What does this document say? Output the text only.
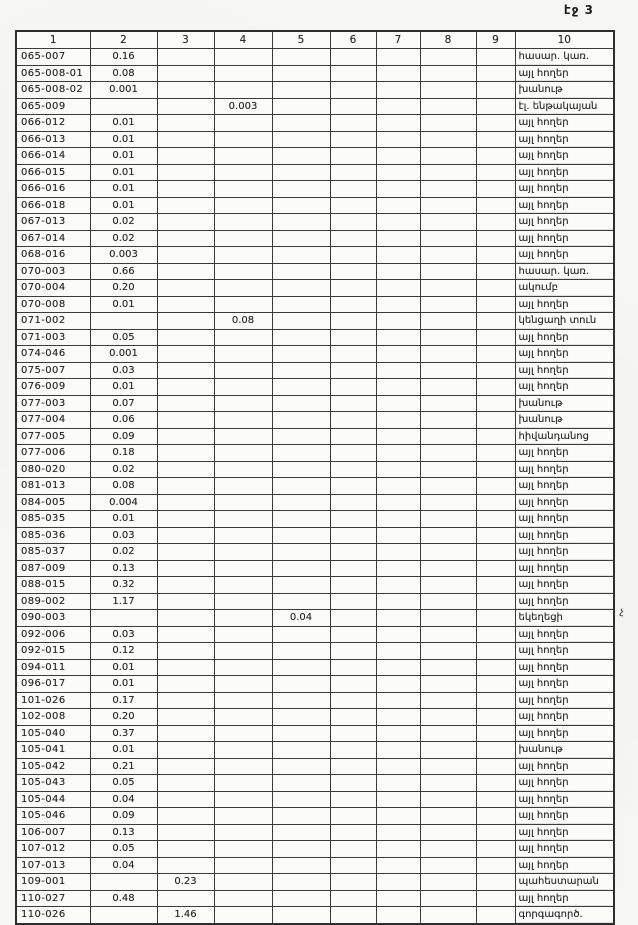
էջ 3
1	2	3	4	5	6	7	8	9	10
065-007	0.16								հասար. կառ.
065-008-01	0.08								այլ հողեր
065-008-02	0.001								խանութ
065-009			0.003						էլ. ենթակայան
066-012	0.01								այլ հողեր
066-013	0.01								այլ հողեր
066-014	0.01								այլ հողեր
066-015	0.01								այլ հողեր
066-016	0.01								այլ հողեր
066-018	0.01								այլ հողեր
067-013	0.02								այլ հողեր
067-014	0.02								այլ հողեր
068-016	0.003								այլ հողեր
070-003	0.66								հասար. կառ.
070-004	0.20								ակումբ
070-008	0.01								այլ հողեր
071-002			0.08						կենցաղի տուն
071-003	0.05								այլ հողեր
074-046	0.001								այլ հողեր
075-007	0.03								այլ հողեր
076-009	0.01								այլ հողեր
077-003	0.07								խանութ
077-004	0.06								խանութ
077-005	0.09								հիվանդանոց
077-006	0.18								այլ հողեր
080-020	0.02								այլ հողեր
081-013	0.08								այլ հողեր
084-005	0.004								այլ հողեր
085-035	0.01								այլ հողեր
085-036	0.03								այլ հողեր
085-037	0.02								այլ հողեր
087-009	0.13								այլ հողեր
088-015	0.32								այլ հողեր
089-002	1.17								այլ հողեր
090-003				0.04					եկեղեցի
092-006	0.03								այլ հողեր
092-015	0.12								այլ հողեր
094-011	0.01								այլ հողեր
096-017	0.01								այլ հողեր
101-026	0.17								այլ հողեր
102-008	0.20								այլ հողեր
105-040	0.37								այլ հողեր
105-041	0.01								խանութ
105-042	0.21								այլ հողեր
105-043	0.05								այլ հողեր
105-044	0.04								այլ հողեր
105-046	0.09								այլ հողեր
106-007	0.13								այլ հողեր
107-012	0.05								այլ հողեր
107-013	0.04								այլ հողեր
109-001		0.23							պահեստարան
110-027	0.48								այլ հողեր
110-026		1.46							գորգագործ.
չ
